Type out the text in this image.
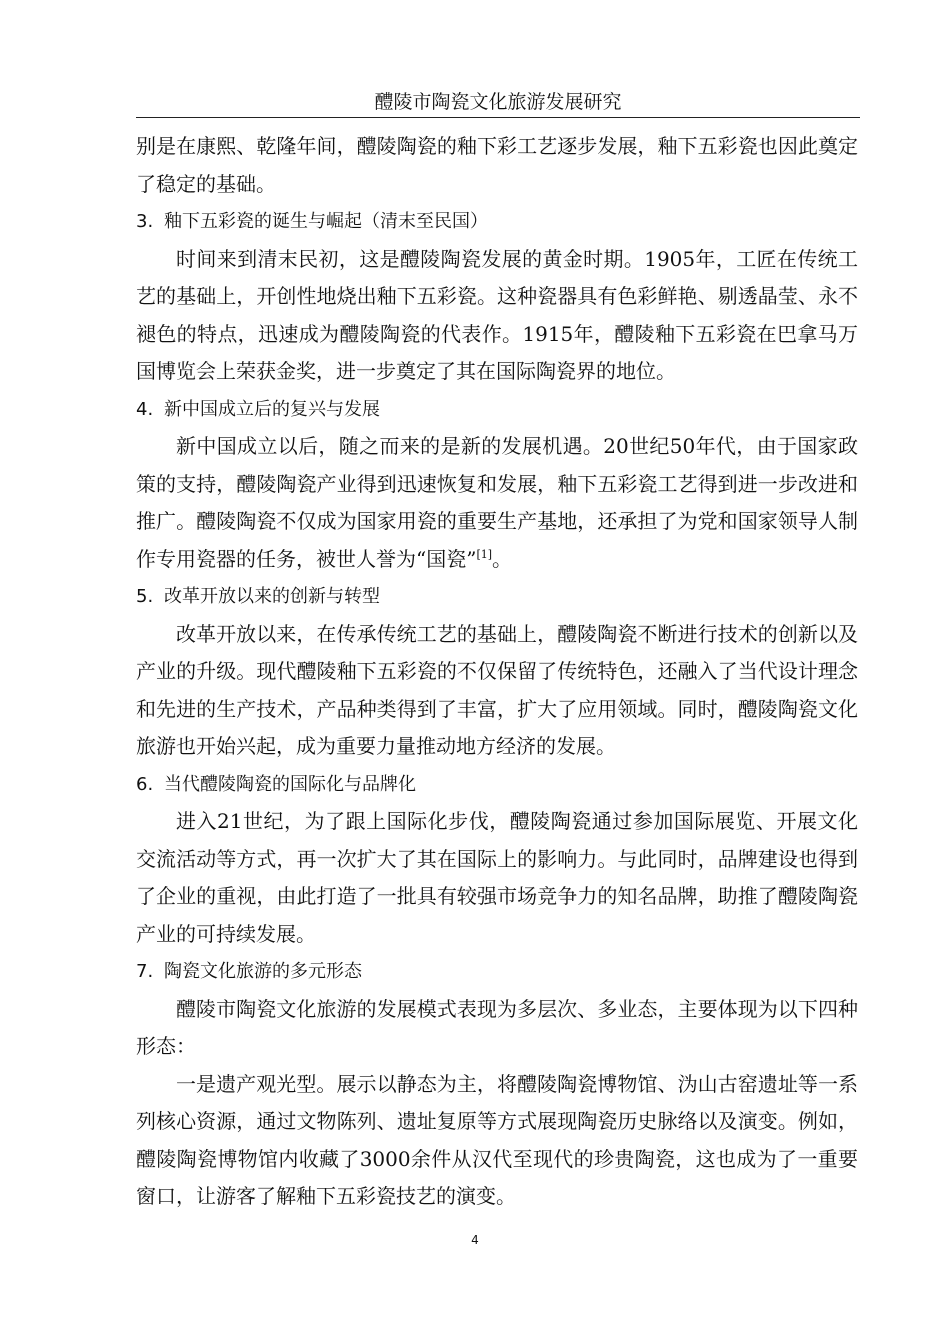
醴陵市陶瓷文化旅游发展研究

别是在康熙、乾隆年间，醴陵陶瓷的釉下彩工艺逐步发展，釉下五彩瓷也因此奠定了稳定的基础。

3. 釉下五彩瓷的诞生与崛起（清末至民国）

时间来到清末民初，这是醴陵陶瓷发展的黄金时期。1905年，工匠在传统工艺的基础上，开创性地烧出釉下五彩瓷。这种瓷器具有色彩鲜艳、剔透晶莹、永不褪色的特点，迅速成为醴陵陶瓷的代表作。1915年，醴陵釉下五彩瓷在巴拿马万国博览会上荣获金奖，进一步奠定了其在国际陶瓷界的地位。

4. 新中国成立后的复兴与发展

新中国成立以后，随之而来的是新的发展机遇。20世纪50年代，由于国家政策的支持，醴陵陶瓷产业得到迅速恢复和发展，釉下五彩瓷工艺得到进一步改进和推广。醴陵陶瓷不仅成为国家用瓷的重要生产基地，还承担了为党和国家领导人制作专用瓷器的任务，被世人誉为“国瓷”[1]。

5. 改革开放以来的创新与转型

改革开放以来，在传承传统工艺的基础上，醴陵陶瓷不断进行技术的创新以及产业的升级。现代醴陵釉下五彩瓷的不仅保留了传统特色，还融入了当代设计理念和先进的生产技术，产品种类得到了丰富，扩大了应用领域。同时，醴陵陶瓷文化旅游也开始兴起，成为重要力量推动地方经济的发展。

6. 当代醴陵陶瓷的国际化与品牌化

进入21世纪，为了跟上国际化步伐，醴陵陶瓷通过参加国际展览、开展文化交流活动等方式，再一次扩大了其在国际上的影响力。与此同时，品牌建设也得到了企业的重视，由此打造了一批具有较强市场竞争力的知名品牌，助推了醴陵陶瓷产业的可持续发展。

7. 陶瓷文化旅游的多元形态

醴陵市陶瓷文化旅游的发展模式表现为多层次、多业态，主要体现为以下四种形态：

一是遗产观光型。展示以静态为主，将醴陵陶瓷博物馆、沩山古窑遗址等一系列核心资源，通过文物陈列、遗址复原等方式展现陶瓷历史脉络以及演变。例如，醴陵陶瓷博物馆内收藏了3000余件从汉代至现代的珍贵陶瓷，这也成为了一重要窗口，让游客了解釉下五彩瓷技艺的演变。

4
